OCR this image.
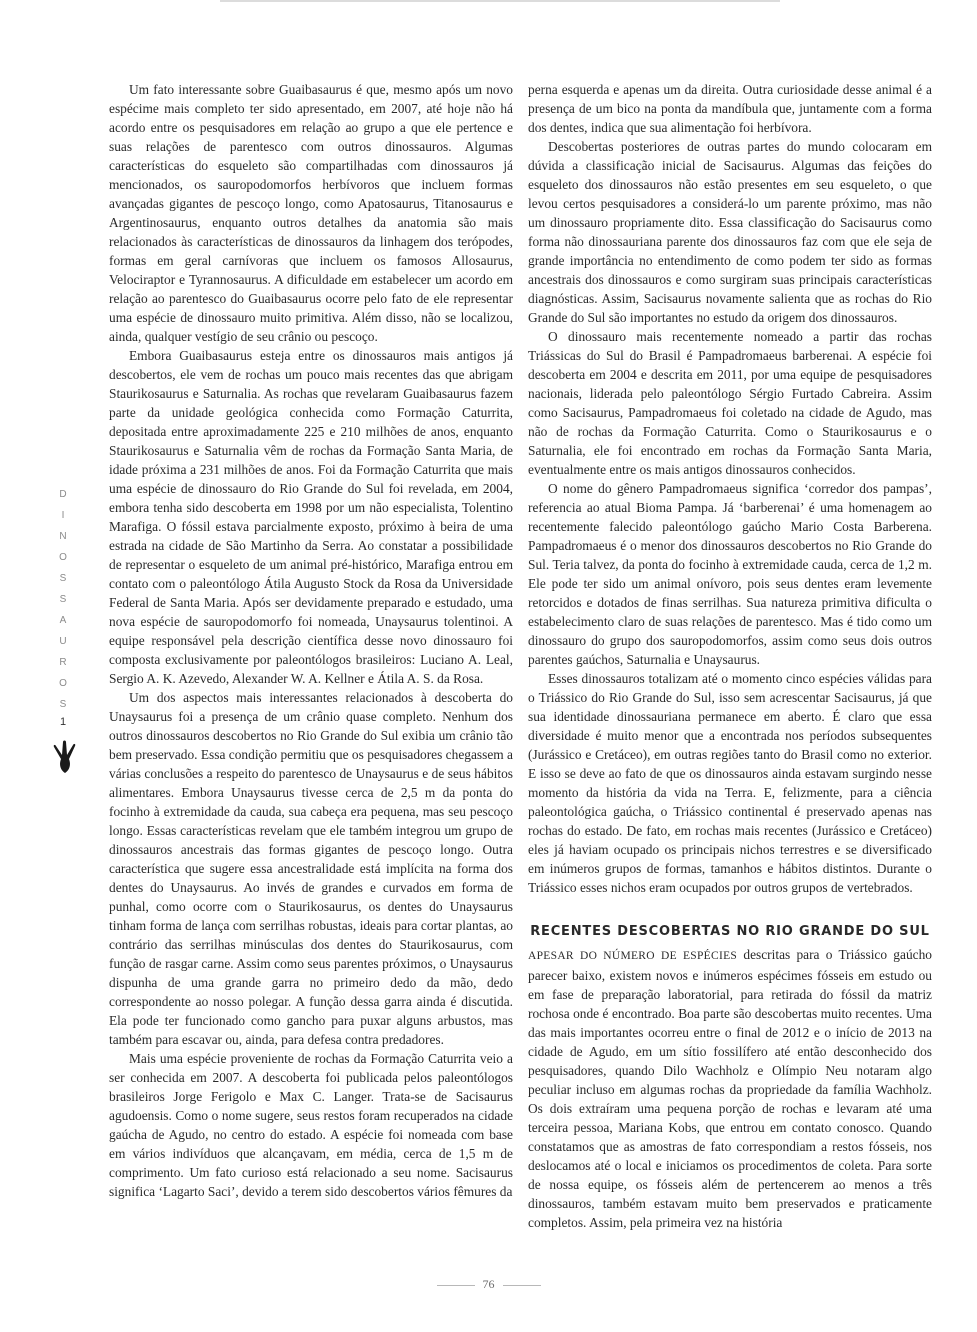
D
I
N
O
S
S
A
U
R
O
S
1

Um fato interessante sobre Guaibasaurus é que, mesmo após um novo espécime mais completo ter sido apresentado, em 2007, até hoje não há acordo entre os pesquisadores em relação ao grupo a que ele pertence e suas relações de parentesco com outros dinossauros. Algumas características do esqueleto são compartilhadas com dinossauros já mencionados, os sauropodomorfos herbívoros que incluem formas avançadas gigantes de pescoço longo, como Apatosaurus, Titanosaurus e Argentinosaurus, enquanto outros detalhes da anatomia são mais relacionados às características de dinossauros da linhagem dos terópodes, formas em geral carnívoras que incluem os famosos Allosaurus, Velociraptor e Tyrannosaurus. A dificuldade em estabelecer um acordo em relação ao parentesco do Guaibasaurus ocorre pelo fato de ele representar uma espécie de dinossauro muito primitiva. Além disso, não se localizou, ainda, qualquer vestígio de seu crânio ou pescoço.

Embora Guaibasaurus esteja entre os dinossauros mais antigos já descobertos, ele vem de rochas um pouco mais recentes das que abrigam Staurikosaurus e Saturnalia. As rochas que revelaram Guaibasaurus fazem parte da unidade geológica conhecida como Formação Caturrita, depositada entre aproximadamente 225 e 210 milhões de anos, enquanto Staurikosaurus e Saturnalia vêm de rochas da Formação Santa Maria, de idade próxima a 231 milhões de anos. Foi da Formação Caturrita que mais uma espécie de dinossauro do Rio Grande do Sul foi revelada, em 2004, embora tenha sido descoberta em 1998 por um não especialista, Tolentino Marafiga. O fóssil estava parcialmente exposto, próximo à beira de uma estrada na cidade de São Martinho da Serra. Ao constatar a possibilidade de representar o esqueleto de um animal pré-histórico, Marafiga entrou em contato com o paleontólogo Átila Augusto Stock da Rosa da Universidade Federal de Santa Maria. Após ser devidamente preparado e estudado, uma nova espécie de sauropodomorfo foi nomeada, Unaysaurus tolentinoi. A equipe responsável pela descrição científica desse novo dinossauro foi composta exclusivamente por paleontólogos brasileiros: Luciano A. Leal, Sergio A. K. Azevedo, Alexander W. A. Kellner e Átila A. S. da Rosa.

Um dos aspectos mais interessantes relacionados à descoberta do Unaysaurus foi a presença de um crânio quase completo. Nenhum dos outros dinossauros descobertos no Rio Grande do Sul exibia um crânio tão bem preservado. Essa condição permitiu que os pesquisadores chegassem a várias conclusões a respeito do parentesco de Unaysaurus e de seus hábitos alimentares. Embora Unaysaurus tivesse cerca de 2,5 m da ponta do focinho à extremidade da cauda, sua cabeça era pequena, mas seu pescoço longo. Essas características revelam que ele também integrou um grupo de dinossauros ancestrais das formas gigantes de pescoço longo. Outra característica que sugere essa ancestralidade está implícita na forma dos dentes do Unaysaurus. Ao invés de grandes e curvados em forma de punhal, como ocorre com o Staurikosaurus, os dentes do Unaysaurus tinham forma de lança com serrilhas robustas, ideais para cortar plantas, ao contrário das serrilhas minúsculas dos dentes do Staurikosaurus, com função de rasgar carne. Assim como seus parentes próximos, o Unaysaurus dispunha de uma grande garra no primeiro dedo da mão, dedo correspondente ao nosso polegar. A função dessa garra ainda é discutida. Ela pode ter funcionado como gancho para puxar alguns arbustos, mas também para escavar ou, ainda, para defesa contra predadores.

Mais uma espécie proveniente de rochas da Formação Caturrita veio a ser conhecida em 2007. A descoberta foi publicada pelos paleontólogos brasileiros Jorge Ferigolo e Max C. Langer. Trata-se de Sacisaurus agudoensis. Como o nome sugere, seus restos foram recuperados na cidade gaúcha de Agudo, no centro do estado. A espécie foi nomeada com base em vários indivíduos que alcançavam, em média, cerca de 1,5 m de comprimento. Um fato curioso está relacionado a seu nome. Sacisaurus significa ‘Lagarto Saci’, devido a terem sido descobertos vários fêmures da

perna esquerda e apenas um da direita. Outra curiosidade desse animal é a presença de um bico na ponta da mandíbula que, juntamente com a forma dos dentes, indica que sua alimentação foi herbívora.

Descobertas posteriores de outras partes do mundo colocaram em dúvida a classificação inicial de Sacisaurus. Algumas das feições do esqueleto dos dinossauros não estão presentes em seu esqueleto, o que levou certos pesquisadores a considerá-lo um parente próximo, mas não um dinossauro propriamente dito. Essa classificação do Sacisaurus como forma não dinossauriana parente dos dinossauros faz com que ele seja de grande importância no entendimento de como podem ter sido as formas ancestrais dos dinossauros e como surgiram suas principais características diagnósticas. Assim, Sacisaurus novamente salienta que as rochas do Rio Grande do Sul são importantes no estudo da origem dos dinossauros.

O dinossauro mais recentemente nomeado a partir das rochas Triássicas do Sul do Brasil é Pampadromaeus barberenai. A espécie foi descoberta em 2004 e descrita em 2011, por uma equipe de pesquisadores nacionais, liderada pelo paleontólogo Sérgio Furtado Cabreira. Assim como Sacisaurus, Pampadromaeus foi coletado na cidade de Agudo, mas não de rochas da Formação Caturrita. Como o Staurikosaurus e o Saturnalia, ele foi encontrado em rochas da Formação Santa Maria, eventualmente entre os mais antigos dinossauros conhecidos.

O nome do gênero Pampadromaeus significa ‘corredor dos pampas’, referencia ao atual Bioma Pampa. Já ‘barberenai’ é uma homenagem ao recentemente falecido paleontólogo gaúcho Mario Costa Barberena. Pampadromaeus é o menor dos dinossauros descobertos no Rio Grande do Sul. Teria talvez, da ponta do focinho à extremidade cauda, cerca de 1,2 m. Ele pode ter sido um animal onívoro, pois seus dentes eram levemente retorcidos e dotados de finas serrilhas. Sua natureza primitiva dificulta o estabelecimento claro de suas relações de parentesco. Mas é tido como um dinossauro do grupo dos sauropodomorfos, assim como seus dois outros parentes gaúchos, Saturnalia e Unaysaurus.

Esses dinossauros totalizam até o momento cinco espécies válidas para o Triássico do Rio Grande do Sul, isso sem acrescentar Sacisaurus, já que sua identidade dinossauriana permanece em aberto. É claro que essa diversidade é muito menor que a encontrada nos períodos subsequentes (Jurássico e Cretáceo), em outras regiões tanto do Brasil como no exterior. E isso se deve ao fato de que os dinossauros ainda estavam surgindo nesse momento da história da vida na Terra. E, felizmente, para a ciência paleontológica gaúcha, o Triássico continental é preservado apenas nas rochas do estado. De fato, em rochas mais recentes (Jurássico e Cretáceo) eles já haviam ocupado os principais nichos terrestres e se diversificado em inúmeros grupos de formas, tamanhos e hábitos distintos. Durante o Triássico esses nichos eram ocupados por outros grupos de vertebrados.

RECENTES DESCOBERTAS NO RIO GRANDE DO SUL

APESAR DO NÚMERO DE ESPÉCIES descritas para o Triássico gaúcho parecer baixo, existem novos e inúmeros espécimes fósseis em estudo ou em fase de preparação laboratorial, para retirada do fóssil da matriz rochosa onde é encontrado. Boa parte são descobertas muito recentes. Uma das mais importantes ocorreu entre o final de 2012 e o início de 2013 na cidade de Agudo, em um sítio fossilífero até então desconhecido dos pesquisadores, quando Dilo Wachholz e Olímpio Neu notaram algo peculiar incluso em algumas rochas da propriedade da família Wachholz. Os dois extraíram uma pequena porção de rochas e levaram até uma terceira pessoa, Mariana Kobs, que entrou em contato conosco. Quando constatamos que as amostras de fato correspondiam a restos fósseis, nos deslocamos até o local e iniciamos os procedimentos de coleta. Para sorte de nossa equipe, os fósseis além de pertencerem ao menos a três dinossauros, também estavam muito bem preservados e praticamente completos. Assim, pela primeira vez na história

76
